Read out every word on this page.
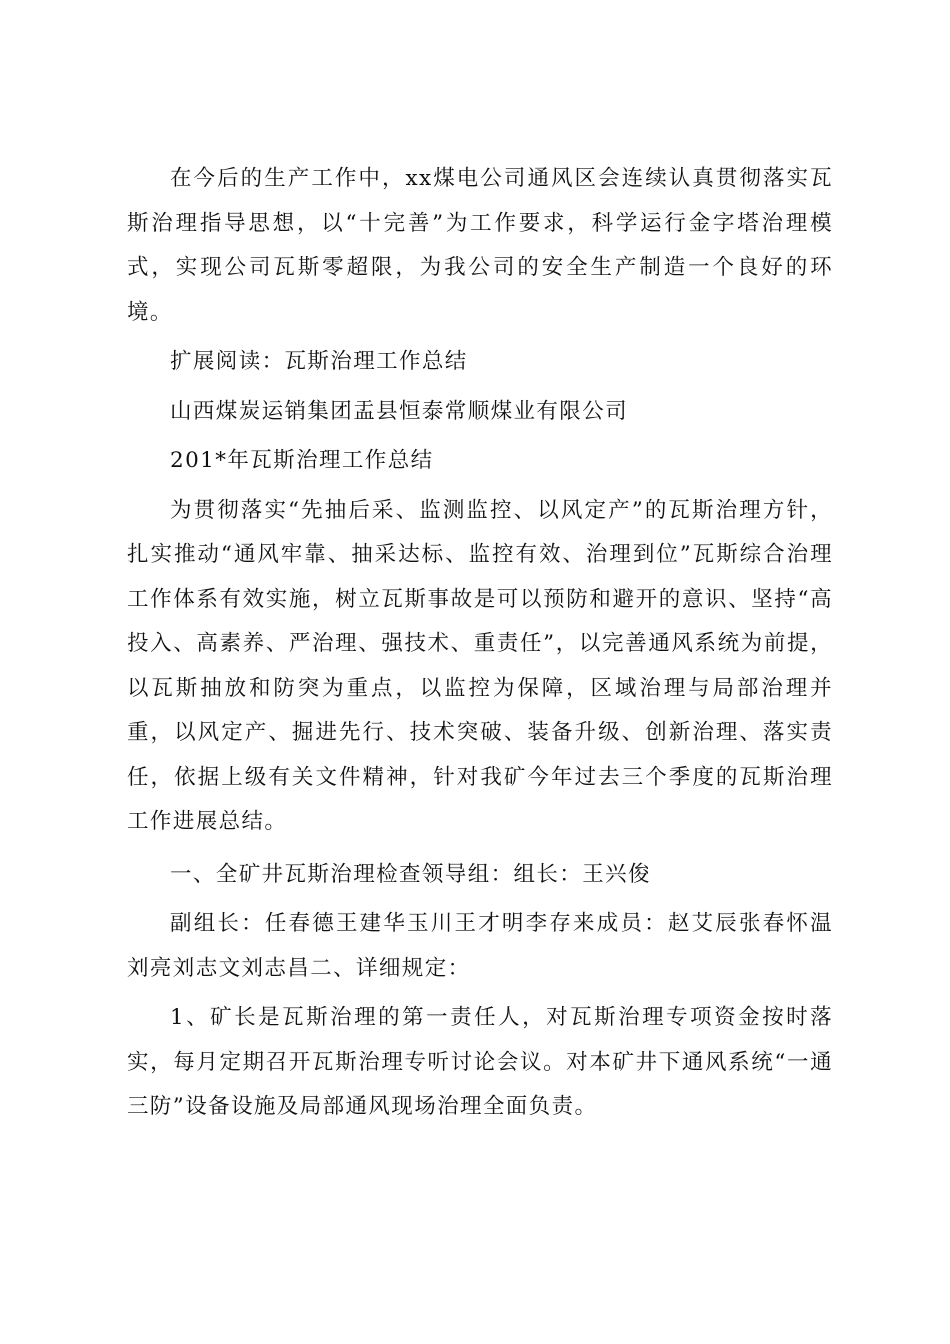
在今后的生产工作中，xx煤电公司通风区会连续认真贯彻落实瓦斯治理指导思想，以“十完善”为工作要求，科学运行金字塔治理模式，实现公司瓦斯零超限，为我公司的安全生产制造一个良好的环境。

扩展阅读：瓦斯治理工作总结

山西煤炭运销集团盂县恒泰常顺煤业有限公司

201*年瓦斯治理工作总结

为贯彻落实“先抽后采、监测监控、以风定产”的瓦斯治理方针，扎实推动“通风牢靠、抽采达标、监控有效、治理到位”瓦斯综合治理工作体系有效实施，树立瓦斯事故是可以预防和避开的意识、坚持“高投入、高素养、严治理、强技术、重责任”，以完善通风系统为前提，以瓦斯抽放和防突为重点，以监控为保障，区域治理与局部治理并重，以风定产、掘进先行、技术突破、装备升级、创新治理、落实责任，依据上级有关文件精神，针对我矿今年过去三个季度的瓦斯治理工作进展总结。

一、全矿井瓦斯治理检查领导组：组长：王兴俊

副组长：任春德王建华玉川王才明李存来成员：赵艾辰张春怀温刘亮刘志文刘志昌二、详细规定：

1、矿长是瓦斯治理的第一责任人，对瓦斯治理专项资金按时落实，每月定期召开瓦斯治理专听讨论会议。对本矿井下通风系统“一通三防”设备设施及局部通风现场治理全面负责。
